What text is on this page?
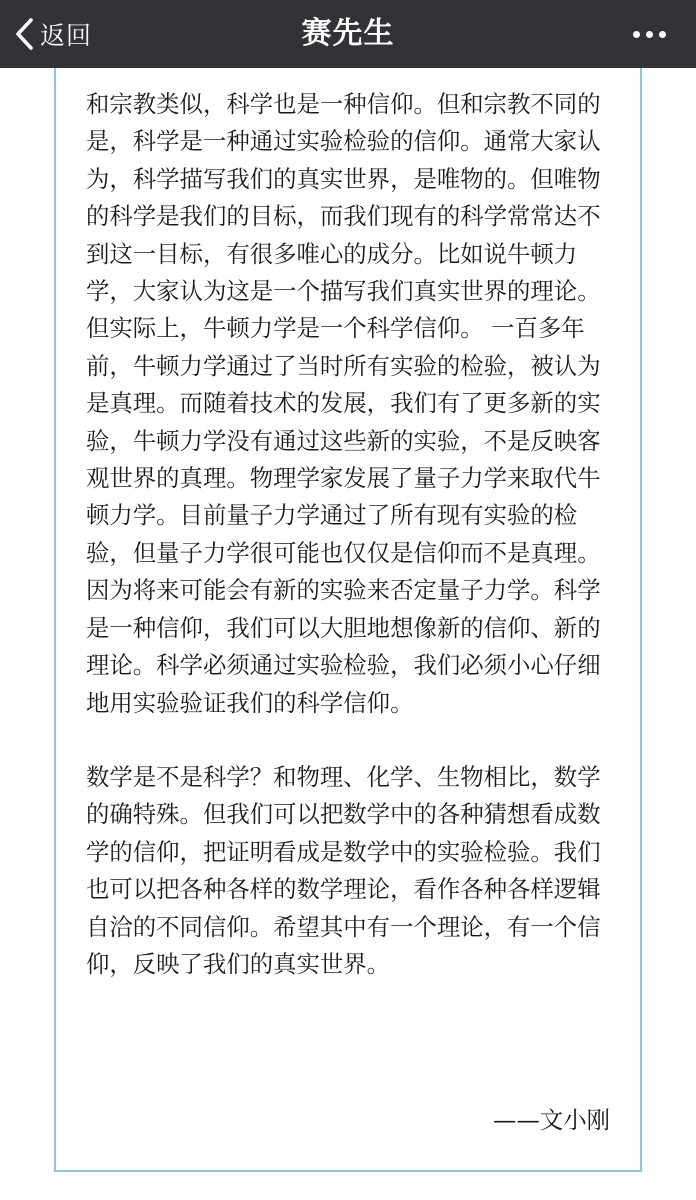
返回	赛先生

和宗教类似，科学也是一种信仰。但和宗教不同的
是，科学是一种通过实验检验的信仰。通常大家认
为，科学描写我们的真实世界，是唯物的。但唯物
的科学是我们的目标，而我们现有的科学常常达不
到这一目标，有很多唯心的成分。比如说牛顿力
学，大家认为这是一个描写我们真实世界的理论。
但实际上，牛顿力学是一个科学信仰。 一百多年
前，牛顿力学通过了当时所有实验的检验，被认为
是真理。而随着技术的发展，我们有了更多新的实
验，牛顿力学没有通过这些新的实验，不是反映客
观世界的真理。物理学家发展了量子力学来取代牛
顿力学。目前量子力学通过了所有现有实验的检
验，但量子力学很可能也仅仅是信仰而不是真理。
因为将来可能会有新的实验来否定量子力学。科学
是一种信仰，我们可以大胆地想像新的信仰、新的
理论。科学必须通过实验检验，我们必须小心仔细
地用实验验证我们的科学信仰。

数学是不是科学？和物理、化学、生物相比，数学
的确特殊。但我们可以把数学中的各种猜想看成数
学的信仰，把证明看成是数学中的实验检验。我们
也可以把各种各样的数学理论，看作各种各样逻辑
自洽的不同信仰。希望其中有一个理论，有一个信
仰，反映了我们的真实世界。

——文小刚
